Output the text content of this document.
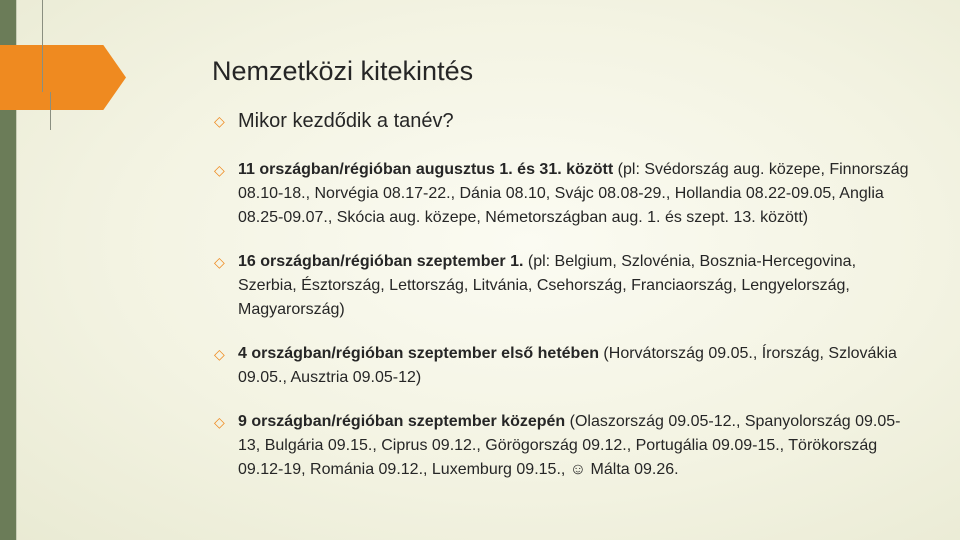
Nemzetközi kitekintés
◇ Mikor kezdődik a tanév?
◇ 11 országban/régióban augusztus 1. és 31. között (pl: Svédország aug. közepe, Finnország 08.10-18., Norvégia 08.17-22., Dánia 08.10, Svájc 08.08-29., Hollandia 08.22-09.05, Anglia 08.25-09.07., Skócia aug. közepe, Németországban aug. 1. és szept. 13. között)
◇ 16 országban/régióban szeptember 1. (pl: Belgium, Szlovénia, Bosznia-Hercegovina, Szerbia, Észtország, Lettország, Litvánia, Csehország, Franciaország, Lengyelország, Magyarország)
◇ 4 országban/régióban szeptember első hetében (Horvátország 09.05., Írország, Szlovákia 09.05., Ausztria 09.05-12)
◇ 9 országban/régióban szeptember közepén (Olaszország 09.05-12., Spanyolország 09.05-13, Bulgária 09.15., Ciprus 09.12., Görögország 09.12., Portugália 09.09-15., Törökország 09.12-19, Románia 09.12., Luxemburg 09.15., ☺ Málta 09.26.
